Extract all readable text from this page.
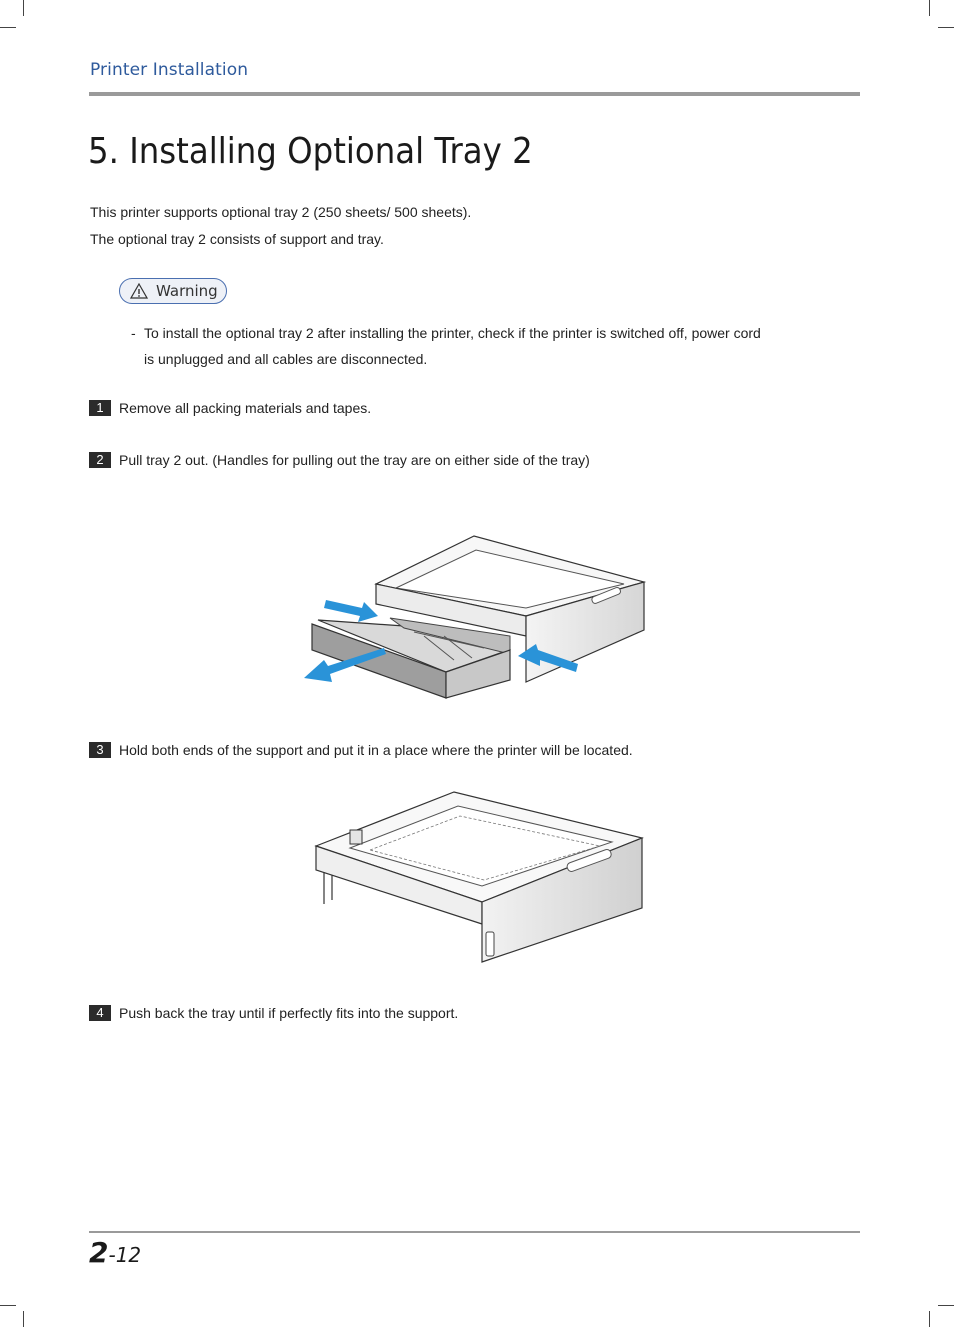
Printer Installation
5. Installing Optional Tray 2
This printer supports optional tray 2 (250 sheets/ 500 sheets).
The optional tray 2 consists of support and tray.
Warning
- To install the optional tray 2 after installing the printer, check if the printer is switched off, power cord is unplugged and all cables are disconnected.
1	Remove all packing materials and tapes.
2	Pull tray 2 out. (Handles for pulling out the tray are on either side of the tray)
3	Hold both ends of the support and put it in a place where the printer will be located.
4	Push back the tray until if perfectly fits into the support.
2-12
